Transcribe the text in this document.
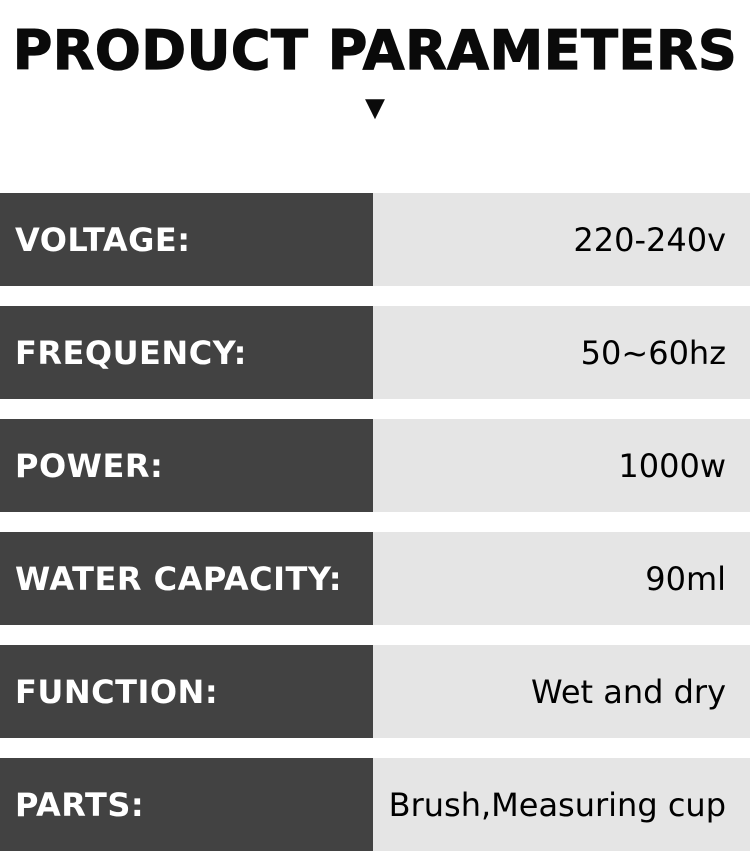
PRODUCT PARAMETERS
▼
VOLTAGE:	220-240v
FREQUENCY:	50~60hz
POWER:	1000w
WATER CAPACITY:	90ml
FUNCTION:	Wet and dry
PARTS:	Brush,Measuring cup
